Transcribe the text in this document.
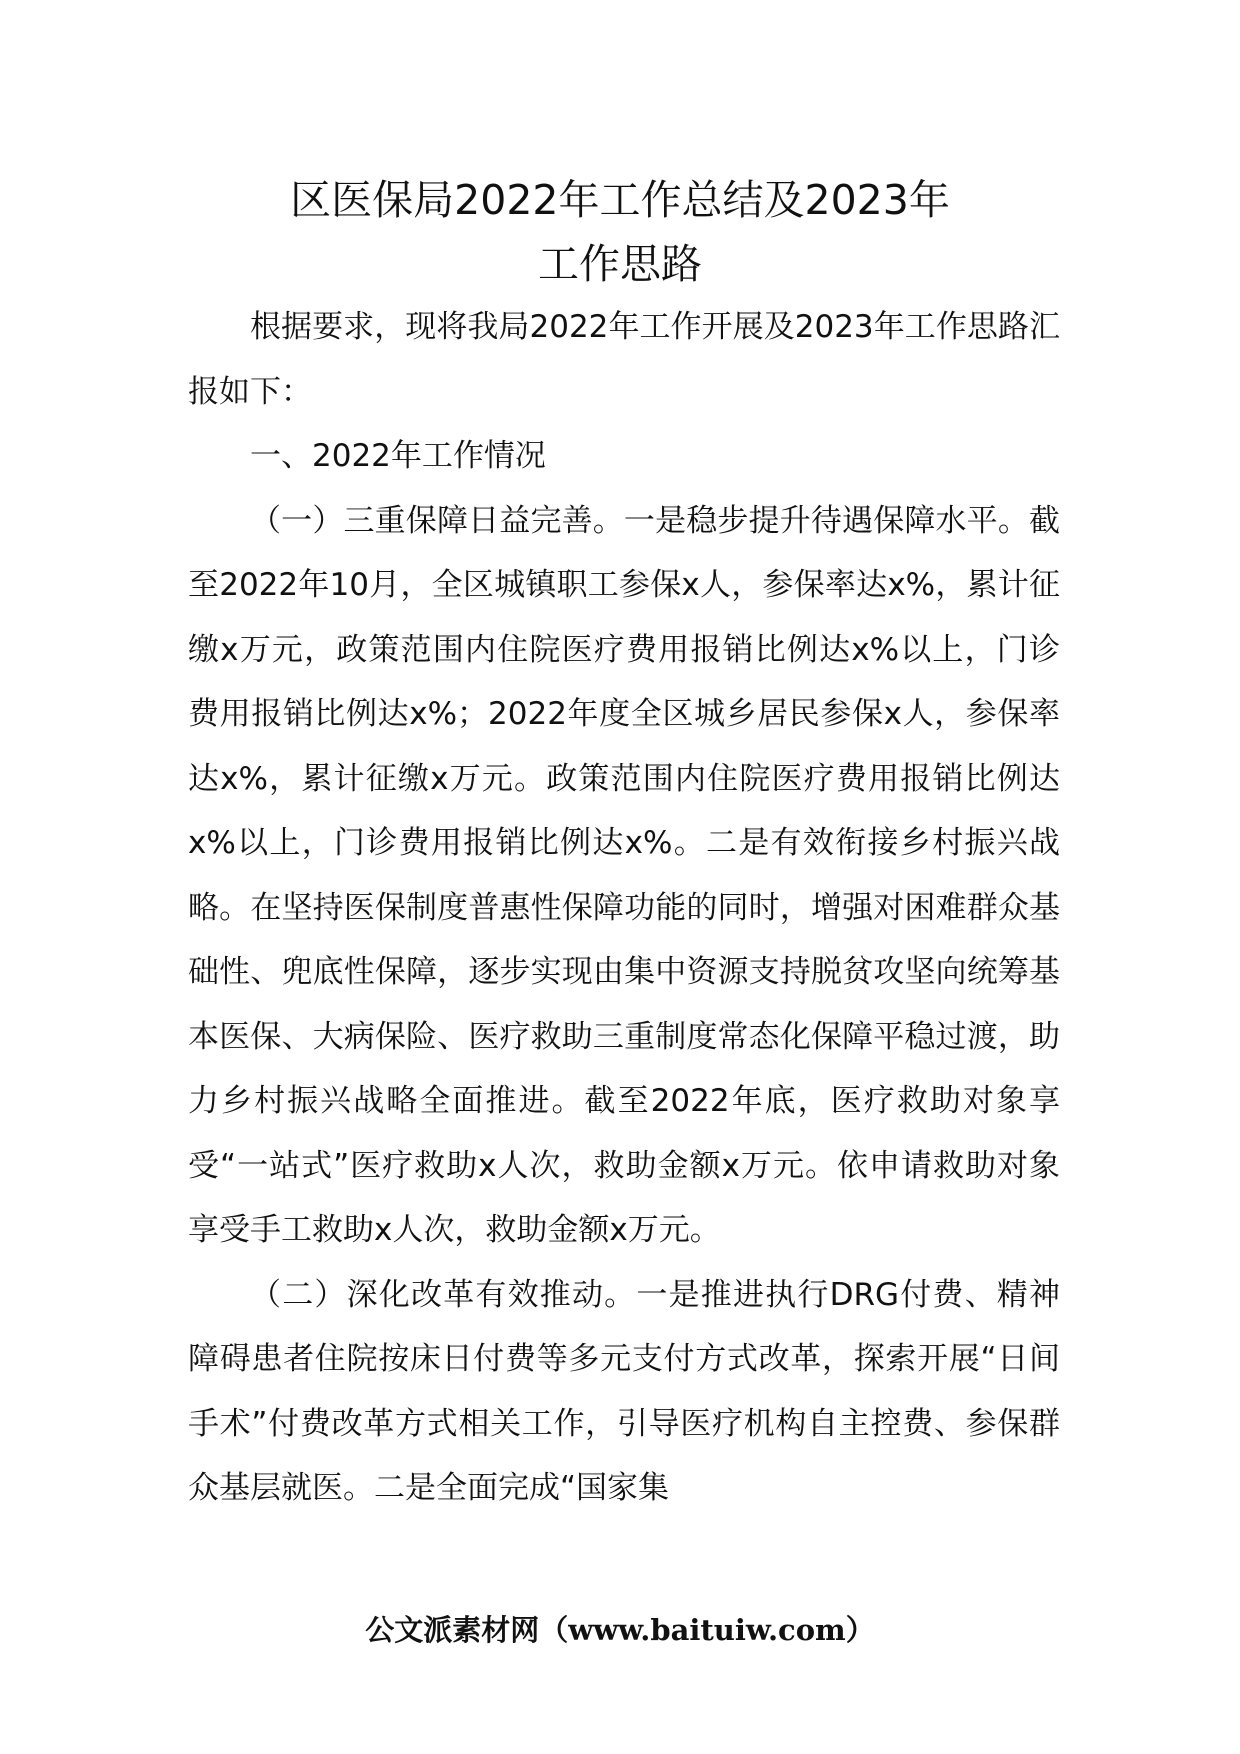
区医保局2022年工作总结及2023年
工作思路

根据要求，现将我局2022年工作开展及2023年工作思路汇报如下：

一、2022年工作情况

（一）三重保障日益完善。一是稳步提升待遇保障水平。截至2022年10月，全区城镇职工参保x人，参保率达x%，累计征缴x万元，政策范围内住院医疗费用报销比例达x%以上，门诊费用报销比例达x%；2022年度全区城乡居民参保x人，参保率达x%，累计征缴x万元。政策范围内住院医疗费用报销比例达x%以上，门诊费用报销比例达x%。二是有效衔接乡村振兴战略。在坚持医保制度普惠性保障功能的同时，增强对困难群众基础性、兜底性保障，逐步实现由集中资源支持脱贫攻坚向统筹基本医保、大病保险、医疗救助三重制度常态化保障平稳过渡，助力乡村振兴战略全面推进。截至2022年底，医疗救助对象享受“一站式”医疗救助x人次，救助金额x万元。依申请救助对象享受手工救助x人次，救助金额x万元。

（二）深化改革有效推动。一是推进执行DRG付费、精神障碍患者住院按床日付费等多元支付方式改革，探索开展“日间手术”付费改革方式相关工作，引导医疗机构自主控费、参保群众基层就医。二是全面完成“国家集

公文派素材网（www.baituiw.com）
